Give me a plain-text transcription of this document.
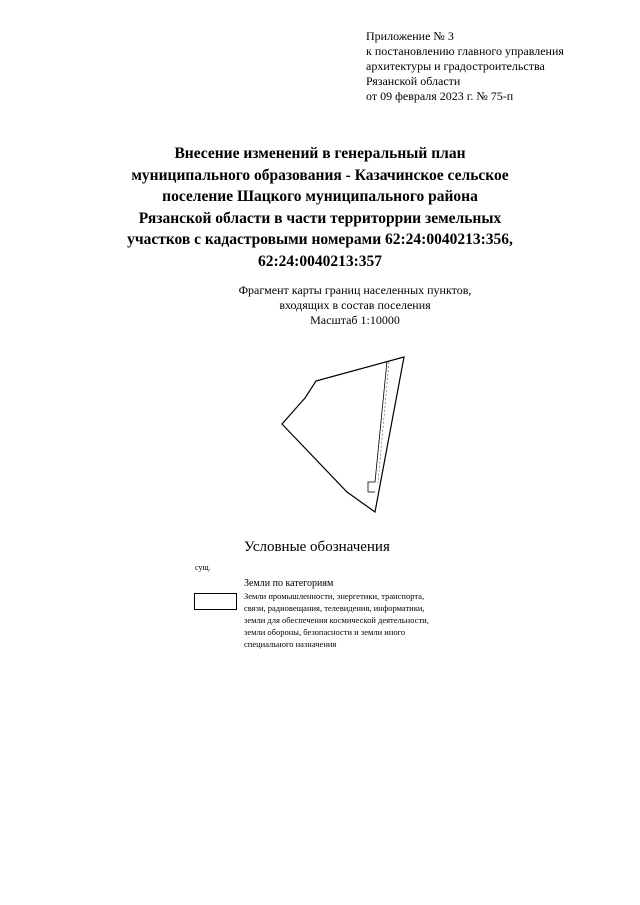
Приложение № 3
к постановлению главного управления
архитектуры и градостроительства
Рязанской области
от 09 февраля 2023 г. № 75-п
Внесение изменений в генеральный план
муниципального образования - Казачинское сельское
поселение Шацкого муниципального района
Рязанской области в части территоррии земельных
участков с кадастровыми номерами 62:24:0040213:356,
62:24:0040213:357
Фрагмент карты границ населенных пунктов,
входящих в состав поселения
Масштаб 1:10000
Условные обозначения
сущ.
Земли по категориям
Земли промышленности, энергетики, транспорта,
связи, радиовещания, телевидения, информатики,
земли для обеспечения космической деятельности,
земли обороны, безопасности и земли иного
специального назначения
